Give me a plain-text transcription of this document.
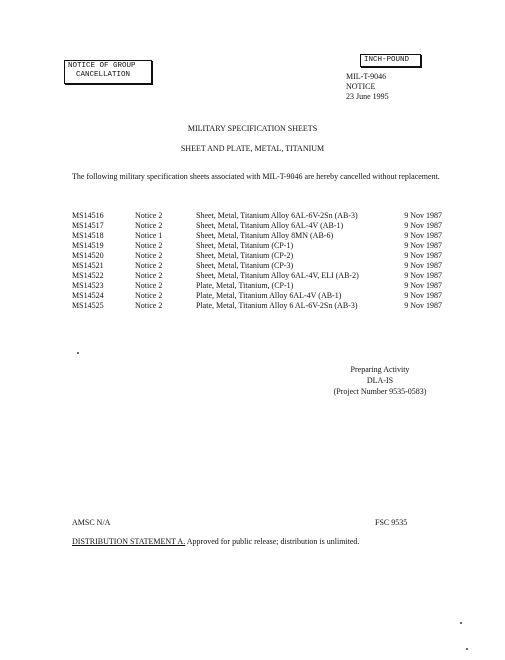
NOTICE OF GROUP
CANCELLATION
INCH-POUND
MIL-T-9046
NOTICE
23 June 1995
MILITARY SPECIFICATION SHEETS
SHEET AND PLATE, METAL, TITANIUM
The following military specification sheets associated with MIL-T-9046 are hereby cancelled without replacement.
MS14516	Notice 2	Sheet, Metal, Titanium Alloy 6AL-6V-2Sn (AB-3)	9 Nov 1987
MS14517	Notice 2	Sheet, Metal, Titanium Alloy 6AL-4V (AB-1)	9 Nov 1987
MS14518	Notice 1	Sheet, Metal, Titanium Alloy 8MN (AB-6)	9 Nov 1987
MS14519	Notice 2	Sheet, Metal, Titanium (CP-1)	9 Nov 1987
MS14520	Notice 2	Sheet, Metal, Titanium (CP-2)	9 Nov 1987
MS14521	Notice 2	Sheet, Metal, Titanium (CP-3)	9 Nov 1987
MS14522	Notice 2	Sheet, Metal, Titanium Alloy 6AL-4V, ELI (AB-2)	9 Nov 1987
MS14523	Notice 2	Plate, Metal, Titanium, (CP-1)	9 Nov 1987
MS14524	Notice 2	Plate, Metal, Titanium Alloy 6AL-4V (AB-1)	9 Nov 1987
MS14525	Notice 2	Plate, Metal, Titanium Alloy 6 AL-6V-2Sn (AB-3)	9 Nov 1987
Preparing Activity
DLA-IS
(Project Number 9535-0583)
AMSC N/A	FSC 9535
DISTRIBUTION STATEMENT A. Approved for public release; distribution is unlimited.
